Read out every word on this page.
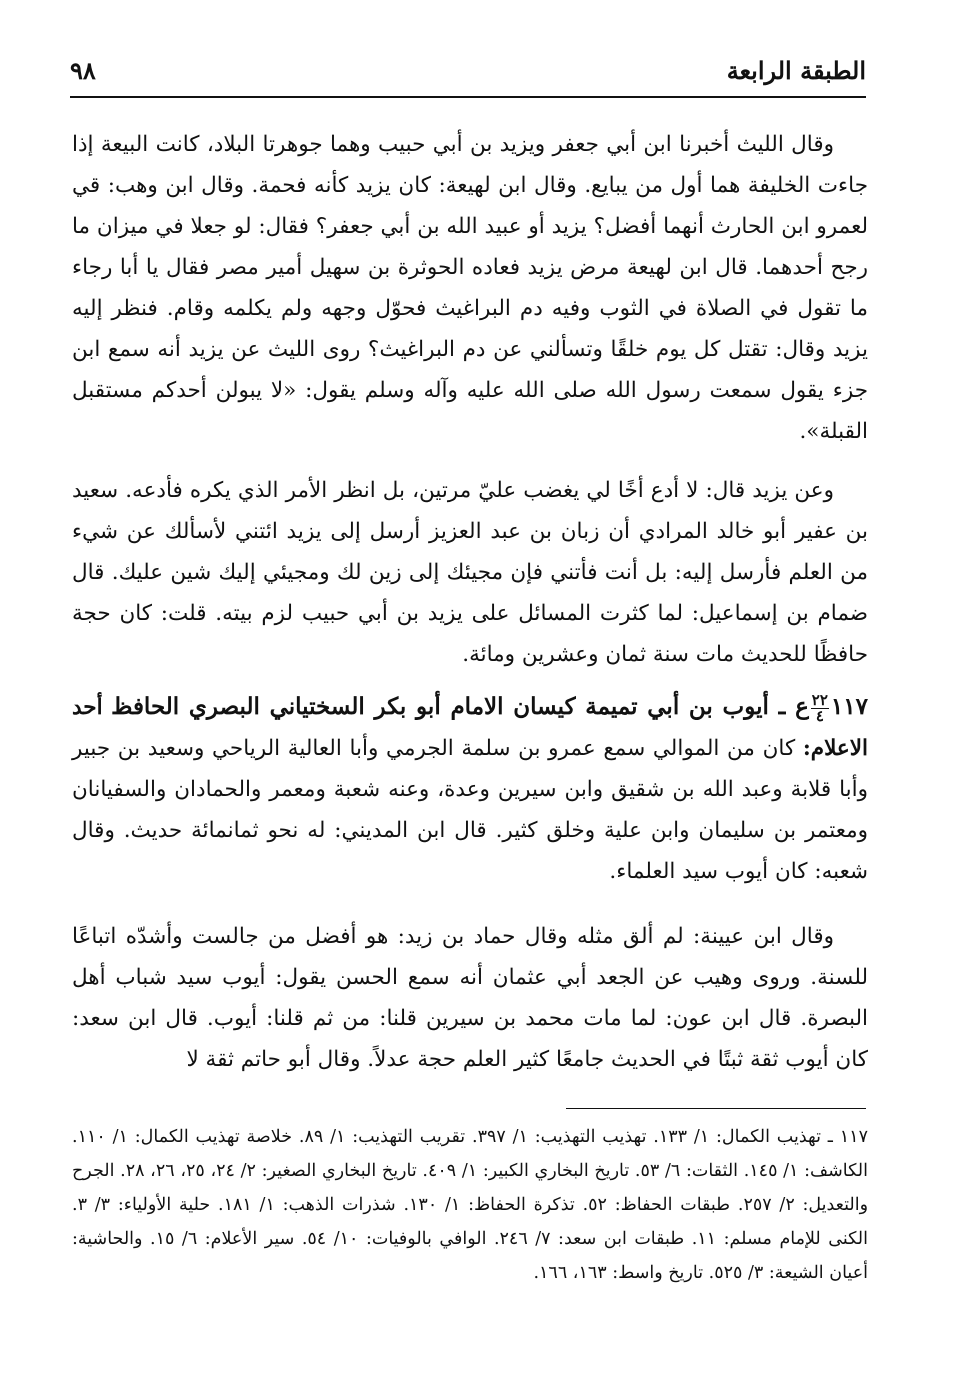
الطبقة الرابعة
٩٨

وقال الليث أخبرنا ابن أبي جعفر ويزيد بن أبي حبيب وهما جوهرتا البلاد، كانت البيعة إذا جاءت الخليفة هما أول من يبايع. وقال ابن لهيعة: كان يزيد كأنه فحمة. وقال ابن وهب: قي لعمرو ابن الحارث أنهما أفضل؟ يزيد أو عبيد الله بن أبي جعفر؟ فقال: لو جعلا في ميزان ما رجح أحدهما. قال ابن لهيعة مرض يزيد فعاده الحوثرة بن سهيل أمير مصر فقال يا أبا رجاء ما تقول في الصلاة في الثوب وفيه دم البراغيث فحوّل وجهه ولم يكلمه وقام. فنظر إليه يزيد وقال: تقتل كل يوم خلقًا وتسألني عن دم البراغيث؟ روى الليث عن يزيد أنه سمع ابن جزء يقول سمعت رسول الله صلى الله عليه وآله وسلم يقول: «لا يبولن أحدكم مستقبل القبلة».

وعن يزيد قال: لا أدع أخًا لي يغضب عليّ مرتين، بل انظر الأمر الذي يكره فأدعه. سعيد بن عفير أبو خالد المرادي أن زبان بن عبد العزيز أرسل إلى يزيد ائتني لأسألك عن شيء من العلم فأرسل إليه: بل أنت فأتني فإن مجيئك إلى زين لك ومجيئي إليك شين عليك. قال ضمام بن إسماعيل: لما كثرت المسائل على يزيد بن أبي حبيب لزم بيته. قلت: كان حجة حافظًا للحديث مات سنة ثمان وعشرين ومائة.

١١٧
$\frac{٢٢}{٤}$
ع ـ أيوب بن أبي تميمة كيسان الامام أبو بكر السختياني البصري الحافظ أحد الاعلام: كان من الموالي سمع عمرو بن سلمة الجرمي وأبا العالية الرياحي وسعيد بن جبير وأبا قلابة وعبد الله بن شقيق وابن سيرين وعدة، وعنه شعبة ومعمر والحمادان والسفيانان ومعتمر بن سليمان وابن علية وخلق كثير. قال ابن المديني: له نحو ثمانمائة حديث. وقال شعبه: كان أيوب سيد العلماء.

وقال ابن عيينة: لم ألق مثله وقال حماد بن زيد: هو أفضل من جالست وأشدّه اتباعًا للسنة. وروى وهيب عن الجعد أبي عثمان أنه سمع الحسن يقول: أيوب سيد شباب أهل البصرة. قال ابن عون: لما مات محمد بن سيرين قلنا: من ثم قلنا: أيوب. قال ابن سعد: كان أيوب ثقة ثبتًا في الحديث جامعًا كثير العلم حجة عدلاً. وقال أبو حاتم ثقة لا

١١٧ ـ تهذيب الكمال: ١/ ١٣٣. تهذيب التهذيب: ١/ ٣٩٧. تقريب التهذيب: ١/ ٨٩. خلاصة تهذيب الكمال: ١/ ١١٠. الكاشف: ١/ ١٤٥. الثقات: ٦/ ٥٣. تاريخ البخاري الكبير: ١/ ٤٠٩. تاريخ البخاري الصغير: ٢/ ٢٤، ٢٥، ٢٦، ٢٨. الجرح والتعديل: ٢/ ٢٥٧. طبقات الحفاظ: ٥٢. تذكرة الحفاظ: ١/ ١٣٠. شذرات الذهب: ١/ ١٨١. حلية الأولياء: ٣/ ٣. الكنى للإمام مسلم: ١١. طبقات ابن سعد: ٧/ ٢٤٦. الوافي بالوفيات: ١٠/ ٥٤. سير الأعلام: ٦/ ١٥. والحاشية: أعيان الشيعة: ٣/ ٥٢٥. تاريخ واسط: ١٦٣، ١٦٦.
